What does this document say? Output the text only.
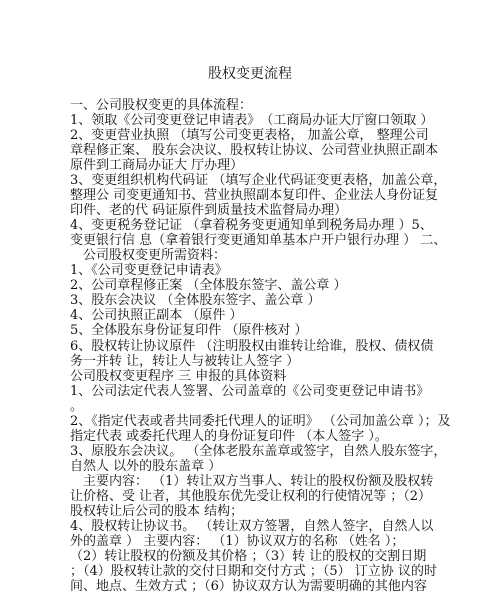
股权变更流程
一、公司股权变更的具体流程：
1、领取《公司变更登记申请表》　（工商局办证大厅窗口领取 ）
2、变更营业执照 （填写公司变更表格， 加盖公章， 整理公司
章程修正案、 股东会决议、股权转让协议、公司营业执照正副本
原件到工商局办证大 厅办理）
3、变更组织机构代码证 （填写企业代码证变更表格，加盖公章，
整理公 司变更通知书、营业执照副本复印件、企业法人身份证复
印件、老的代 码证原件到质量技术监督局办理）
4、变更税务登记证 （拿着税务变更通知单到税务局办理 ）5、
变更银行信 息（拿着银行变更通知单基本户开户银行办理 ） 二、
　公司股权变更所需资料：
1、《公司变更登记申请表》
2、公司章程修正案 （全体股东签字、盖公章 ）
3、股东会决议 （全体股东签字、盖公章 ）
4、公司执照正副本 （原件 ）
5、全体股东身份证复印件 （原件核对 ）
6、股权转让协议原件 （注明股权由谁转让给谁，股权、债权债
务一并转 让，转让人与被转让人签字 ）
公司股权变更程序 三 申报的具体资料
1、公司法定代表人签署、公司盖章的《公司变更登记申请书》
。
2、《指定代表或者共同委托代理人的证明》 （公司加盖公章 ）；及
指定代表 或委托代理人的身份证复印件 （本人签字 ）。
3、原股东会决议。 （全体老股东盖章或签字，自然人股东签字，
自然人 以外的股东盖章 ）
　主要内容： （1）转让双方当事人、转让的股权份额及股权转
让价格、受 让者，其他股东优先受让权利的行使情况等 ；（2）
股权转让后公司的股本 结构；
4、股权转让协议书。 （转让双方签署，自然人签字，自然人以
外的盖章 ） 主要内容： （1）协议双方的名称 （姓名 ）；
（2）转让股权的份额及其价格 ；（3）转 让的股权的交割日期
；（4）股权转让款的交付日期和交付方式 ；（5） 订立协 议的时
间、地点、生效方式 ；（6）协议双方认为需要明确的其他内容
